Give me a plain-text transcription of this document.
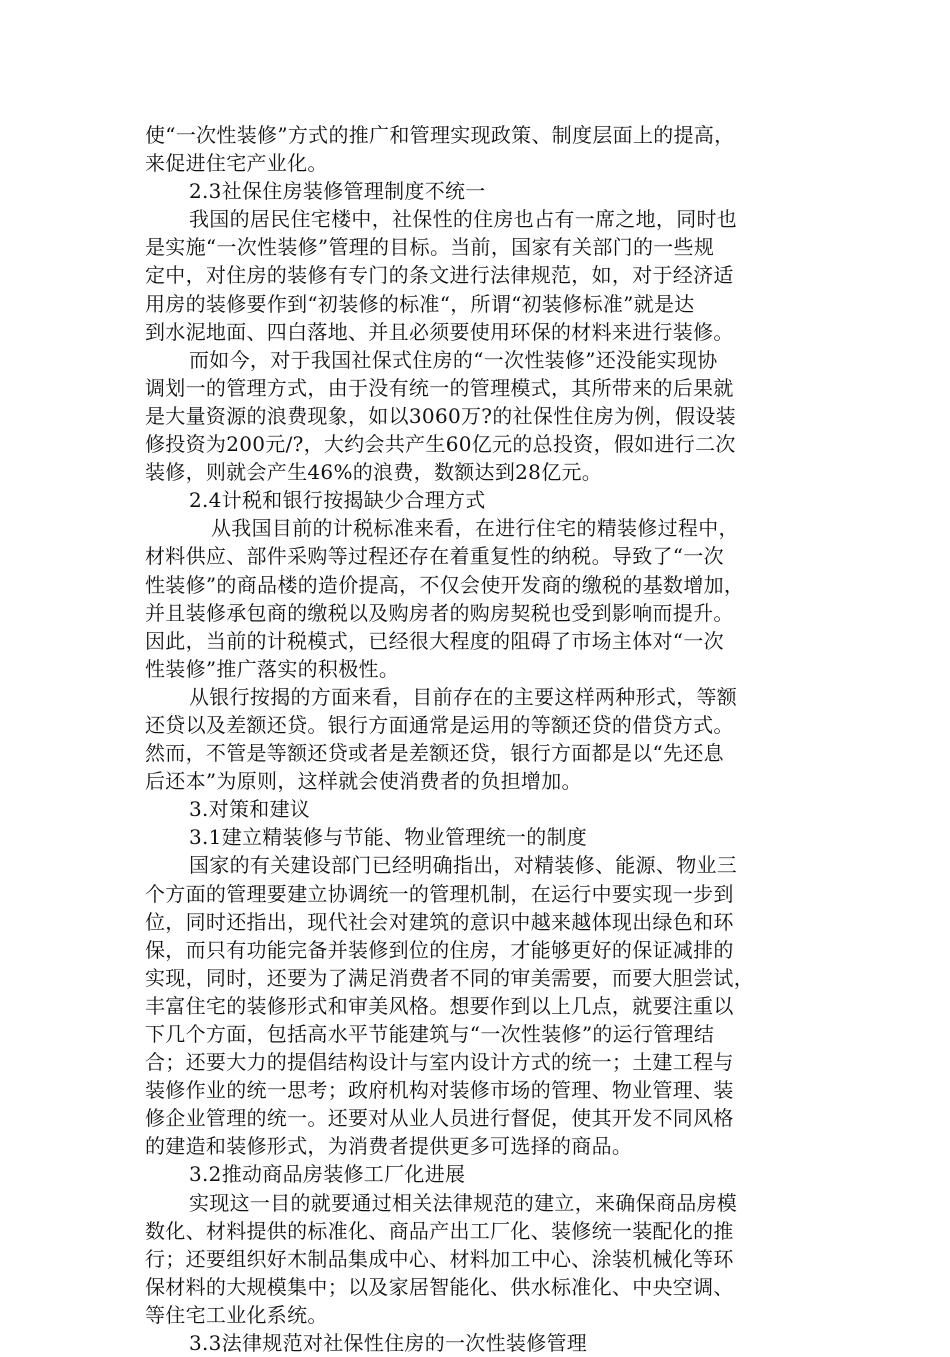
使“一次性装修”方式的推广和管理实现政策、制度层面上的提高，
来促进住宅产业化。
2.3社保住房装修管理制度不统一
我国的居民住宅楼中，社保性的住房也占有一席之地，同时也
是实施“一次性装修”管理的目标。当前，国家有关部门的一些规
定中，对住房的装修有专门的条文进行法律规范，如，对于经济适
用房的装修要作到“初装修的标准“，所谓“初装修标准”就是达
到水泥地面、四白落地、并且必须要使用环保的材料来进行装修。
而如今，对于我国社保式住房的“一次性装修”还没能实现协
调划一的管理方式，由于没有统一的管理模式，其所带来的后果就
是大量资源的浪费现象，如以3060万?的社保性住房为例，假设装
修投资为200元/?，大约会共产生60亿元的总投资，假如进行二次
装修，则就会产生46%的浪费，数额达到28亿元。
2.4计税和银行按揭缺少合理方式
从我国目前的计税标准来看，在进行住宅的精装修过程中，
材料供应、部件采购等过程还存在着重复性的纳税。导致了“一次
性装修”的商品楼的造价提高，不仅会使开发商的缴税的基数增加，
并且装修承包商的缴税以及购房者的购房契税也受到影响而提升。
因此，当前的计税模式，已经很大程度的阻碍了市场主体对“一次
性装修”推广落实的积极性。
从银行按揭的方面来看，目前存在的主要这样两种形式，等额
还贷以及差额还贷。银行方面通常是运用的等额还贷的借贷方式。
然而，不管是等额还贷或者是差额还贷，银行方面都是以“先还息
后还本”为原则，这样就会使消费者的负担增加。
3.对策和建议
3.1建立精装修与节能、物业管理统一的制度
国家的有关建设部门已经明确指出，对精装修、能源、物业三
个方面的管理要建立协调统一的管理机制，在运行中要实现一步到
位，同时还指出，现代社会对建筑的意识中越来越体现出绿色和环
保，而只有功能完备并装修到位的住房，才能够更好的保证减排的
实现，同时，还要为了满足消费者不同的审美需要，而要大胆尝试，
丰富住宅的装修形式和审美风格。想要作到以上几点，就要注重以
下几个方面，包括高水平节能建筑与“一次性装修”的运行管理结
合；还要大力的提倡结构设计与室内设计方式的统一；土建工程与
装修作业的统一思考；政府机构对装修市场的管理、物业管理、装
修企业管理的统一。还要对从业人员进行督促，使其开发不同风格
的建造和装修形式，为消费者提供更多可选择的商品。
3.2推动商品房装修工厂化进展
实现这一目的就要通过相关法律规范的建立，来确保商品房模
数化、材料提供的标准化、商品产出工厂化、装修统一装配化的推
行；还要组织好木制品集成中心、材料加工中心、涂装机械化等环
保材料的大规模集中；以及家居智能化、供水标准化、中央空调、
等住宅工业化系统。
3.3法律规范对社保性住房的一次性装修管理
